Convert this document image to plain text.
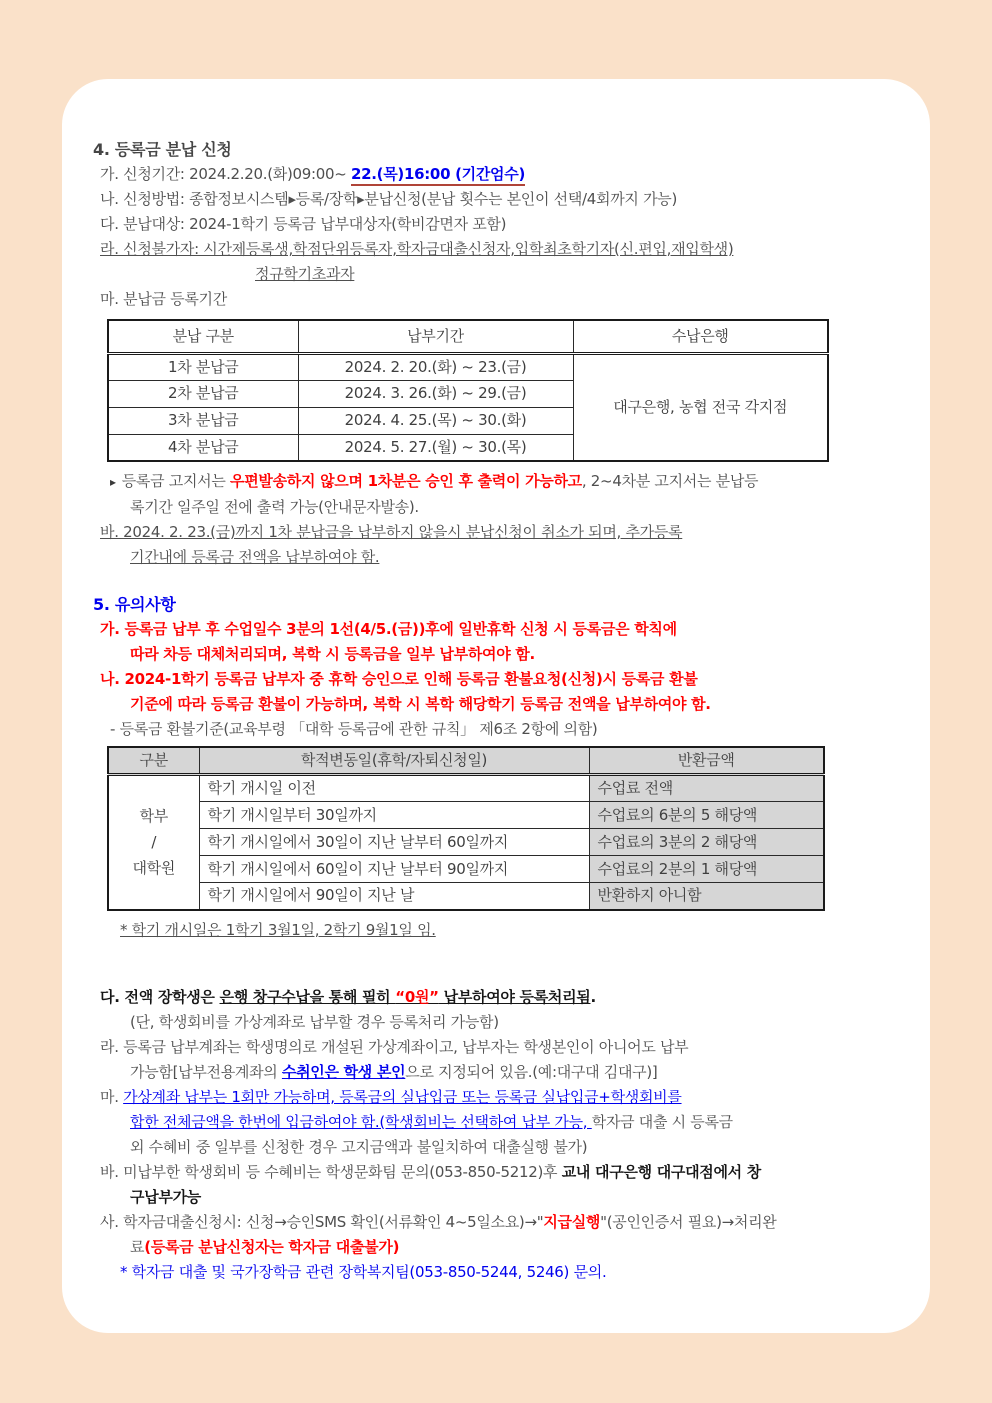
4. 등록금 분납 신청
가. 신청기간: 2024.2.20.(화)09:00~ 22.(목)16:00 (기간엄수)
나. 신청방법: 종합정보시스템▸등록/장학▸분납신청(분납 횟수는 본인이 선택/4회까지 가능)
다. 분납대상: 2024-1학기 등록금 납부대상자(학비감면자 포함)
라. 신청불가자: 시간제등록생,학점단위등록자,학자금대출신청자,입학최초학기자(신.편입,재입학생)
정규학기초과자
마. 분납금 등록기간
분납 구분	납부기간	수납은행
1차 분납금	2024. 2. 20.(화) ~ 23.(금)	대구은행, 농협 전국 각지점
2차 분납금	2024. 3. 26.(화) ~ 29.(금)	
3차 분납금	2024. 4. 25.(목) ~ 30.(화)	
4차 분납금	2024. 5. 27.(월) ~ 30.(목)	
▸ 등록금 고지서는 우편발송하지 않으며 1차분은 승인 후 출력이 가능하고, 2~4차분 고지서는 분납등
록기간 일주일 전에 출력 가능(안내문자발송).
바. 2024. 2. 23.(금)까지 1차 분납금을 납부하지 않을시 분납신청이 취소가 되며, 추가등록
기간내에 등록금 전액을 납부하여야 함.
5. 유의사항
가. 등록금 납부 후 수업일수 3분의 1선(4/5.(금))후에 일반휴학 신청 시 등록금은 학칙에
따라 차등 대체처리되며, 복학 시 등록금을 일부 납부하여야 함.
나. 2024-1학기 등록금 납부자 중 휴학 승인으로 인해 등록금 환불요청(신청)시 등록금 환불
기준에 따라 등록금 환불이 가능하며, 복학 시 복학 해당학기 등록금 전액을 납부하여야 함.
- 등록금 환불기준(교육부령 「대학 등록금에 관한 규칙」 제6조 2항에 의함)
구분	학적변동일(휴학/자퇴신청일)	반환금액

학부
/
대학원	학기 개시일 이전	수업료 전액
	학기 개시일부터 30일까지	수업료의 6분의 5 해당액
	학기 개시일에서 30일이 지난 날부터 60일까지	수업료의 3분의 2 해당액
	학기 개시일에서 60일이 지난 날부터 90일까지	수업료의 2분의 1 해당액
	학기 개시일에서 90일이 지난 날	반환하지 아니함
* 학기 개시일은 1학기 3월1일, 2학기 9월1일 임.
다. 전액 장학생은 은행 창구수납을 통해 필히 “0원” 납부하여야 등록처리됨.
(단, 학생회비를 가상계좌로 납부할 경우 등록처리 가능함)
라. 등록금 납부계좌는 학생명의로 개설된 가상계좌이고, 납부자는 학생본인이 아니어도 납부
가능함[납부전용계좌의 수취인은 학생 본인으로 지정되어 있음.(예:대구대 김대구)]
마. 가상계좌 납부는 1회만 가능하며, 등록금의 실납입금 또는 등록금 실납입금+학생회비를
합한 전체금액을 한번에 입금하여야 함.(학생회비는 선택하여 납부 가능, 학자금 대출 시 등록금
외 수혜비 중 일부를 신청한 경우 고지금액과 불일치하여 대출실행 불가)
바. 미납부한 학생회비 등 수혜비는 학생문화팀 문의(053-850-5212)후 교내 대구은행 대구대점에서 창
구납부가능
사. 학자금대출신청시: 신청→승인SMS 확인(서류확인 4~5일소요)→"지급실행"(공인인증서 필요)→처리완
료(등록금 분납신청자는 학자금 대출불가)
* 학자금 대출 및 국가장학금 관련 장학복지팀(053-850-5244, 5246) 문의.
